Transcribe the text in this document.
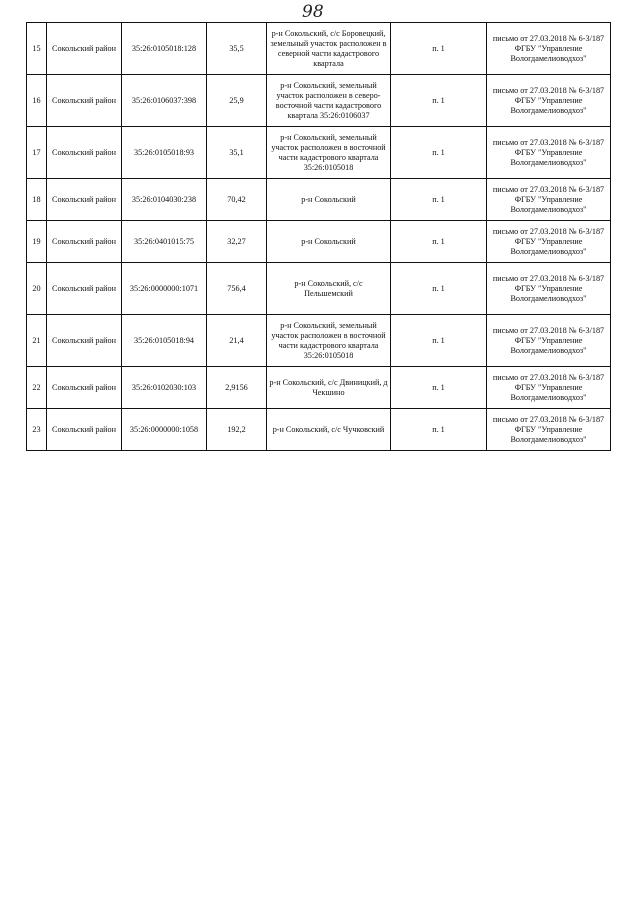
98
15	Сокольский район	35:26:0105018:128	35,5	р-н Сокольский, с/с Боровецкий, земельный участок расположен в северной части кадастрового квартала	п. 1	письмо от 27.03.2018 № 6-3/187 ФГБУ "Управление Вологдамелиоводхоз"
16	Сокольский район	35:26:0106037:398	25,9	р-н Сокольский, земельный участок расположен в северо-восточной части кадастрового квартала 35:26:0106037	п. 1	письмо от 27.03.2018 № 6-3/187 ФГБУ "Управление Вологдамелиоводхоз"
17	Сокольский район	35:26:0105018:93	35,1	р-н Сокольский, земельный участок расположен в восточной части кадастрового квартала 35:26:0105018	п. 1	письмо от 27.03.2018 № 6-3/187 ФГБУ "Управление Вологдамелиоводхоз"
18	Сокольский район	35:26:0104030:238	70,42	р-н Сокольский	п. 1	письмо от 27.03.2018 № 6-3/187 ФГБУ "Управление Вологдамелиоводхоз"
19	Сокольский район	35:26:0401015:75	32,27	р-н Сокольский	п. 1	письмо от 27.03.2018 № 6-3/187 ФГБУ "Управление Вологдамелиоводхоз"
20	Сокольский район	35:26:0000000:1071	756,4	р-н Сокольский, с/с Пельшемский	п. 1	письмо от 27.03.2018 № 6-3/187 ФГБУ "Управление Вологдамелиоводхоз"
21	Сокольский район	35:26:0105018:94	21,4	р-н Сокольский, земельный участок расположен в восточной части кадастрового квартала 35:26:0105018	п. 1	письмо от 27.03.2018 № 6-3/187 ФГБУ "Управление Вологдамелиоводхоз"
22	Сокольский район	35:26:0102030:103	2,9156	р-н Сокольский, с/с Двиницкий, д Чекшино	п. 1	письмо от 27.03.2018 № 6-3/187 ФГБУ "Управление Вологдамелиоводхоз"
23	Сокольский район	35:26:0000000:1058	192,2	р-н Сокольский, с/с Чучковский	п. 1	письмо от 27.03.2018 № 6-3/187 ФГБУ "Управление Вологдамелиоводхоз"
